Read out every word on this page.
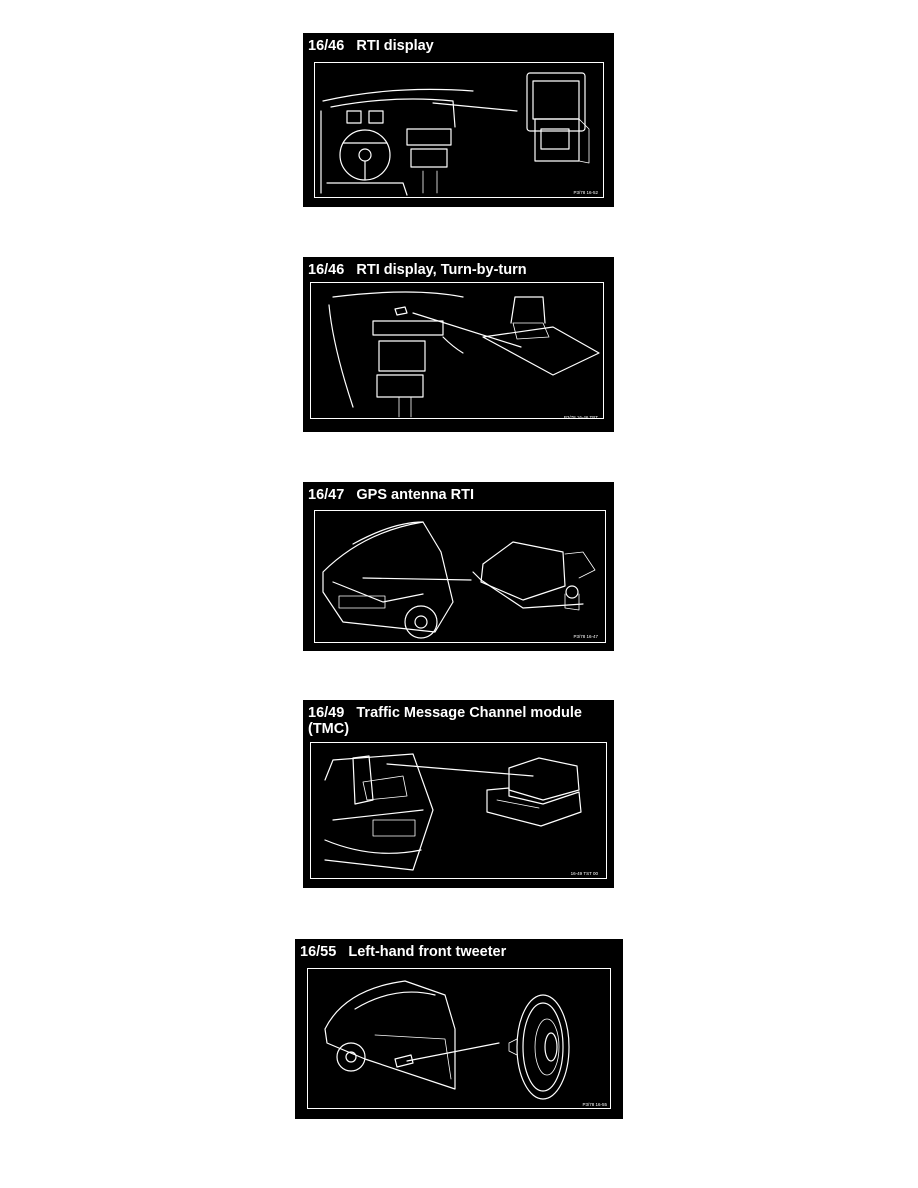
16/46   RTI display
P3/78 16-52
16/46   RTI display, Turn-by-turn
P3/78 16-46 TBT
16/47   GPS antenna RTI
P3/78 16-47
16/49   Traffic Message Channel module
(TMC)
16-49 TST 00
16/55   Left-hand front tweeter
P3/78 16-55
